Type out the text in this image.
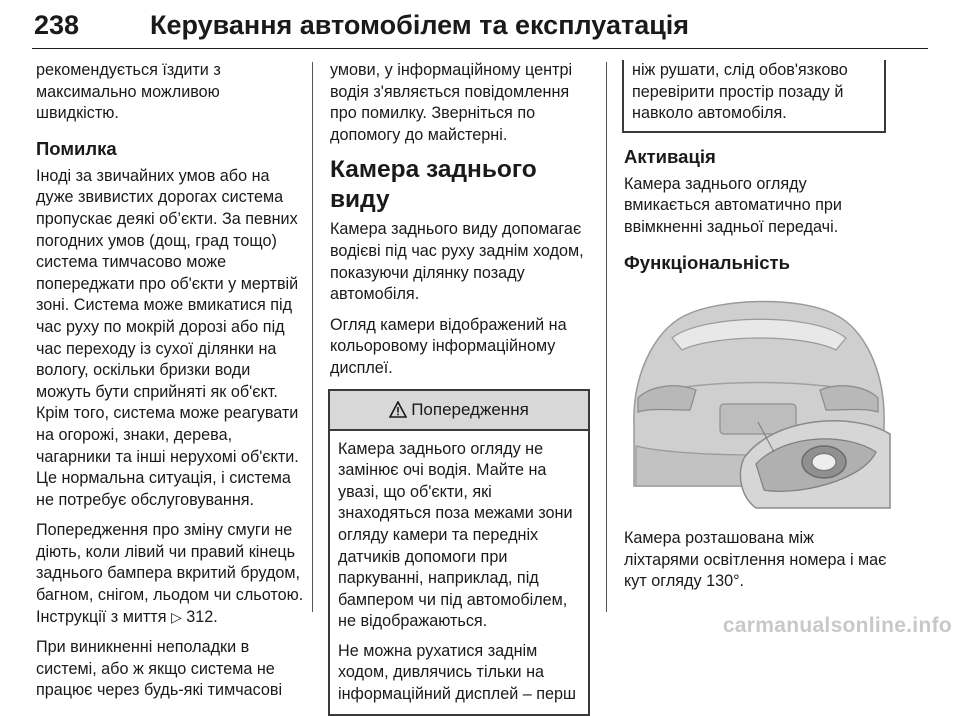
238	Керування автомобілем та експлуатація

рекомендується їздити з
максимально можливою
швидкістю.

Помилка

Іноді за звичайних умов або на
дуже звивистих дорогах система
пропускає деякі об’єкти. За певних
погодних умов (дощ, град тощо)
система тимчасово може
попереджати про об'єкти у мертвій
зоні. Система може вмикатися під
час руху по мокрій дорозі або під
час переходу із сухої ділянки на
вологу, оскільки бризки води
можуть бути сприйняті як об'єкт.
Крім того, система може реагувати
на огорожі, знаки, дерева,
чагарники та інші нерухомі об'єкти.
Це нормальна ситуація, і система
не потребує обслуговування.

Попередження про зміну смуги не
діють, коли лівий чи правий кінець
заднього бампера вкритий брудом,
багном, снігом, льодом чи сльотою.
Інструкції з миття ▷ 312.

При виникненні неполадки в
системі, або ж якщо система не
працює через будь-які тимчасові

умови, у інформаційному центрі
водія з'являється повідомлення
про помилку. Зверніться по
допомогу до майстерні.

Камера заднього виду

Камера заднього виду допомагає
водієві під час руху заднім ходом,
показуючи ділянку позаду
автомобіля.

Огляд камери відображений на
кольоровому інформаційному
дисплеї.

Попередження

Камера заднього огляду не
замінює очі водія. Майте на
увазі, що об'єкти, які
знаходяться поза межами зони
огляду камери та передніх
датчиків допомоги при
паркуванні, наприклад, під
бампером чи під автомобілем,
не відображаються.

Не можна рухатися заднім
ходом, дивлячись тільки на
інформаційний дисплей – перш

ніж рушати, слід обов'язково
перевірити простір позаду й
навколо автомобіля.
Активація

Камера заднього огляду
вмикається автоматично при
ввімкненні задньої передачі.

Функціональність

Камера розташована між
ліхтарями освітлення номера і має
кут огляду 130°.

carmanualsonline.info
